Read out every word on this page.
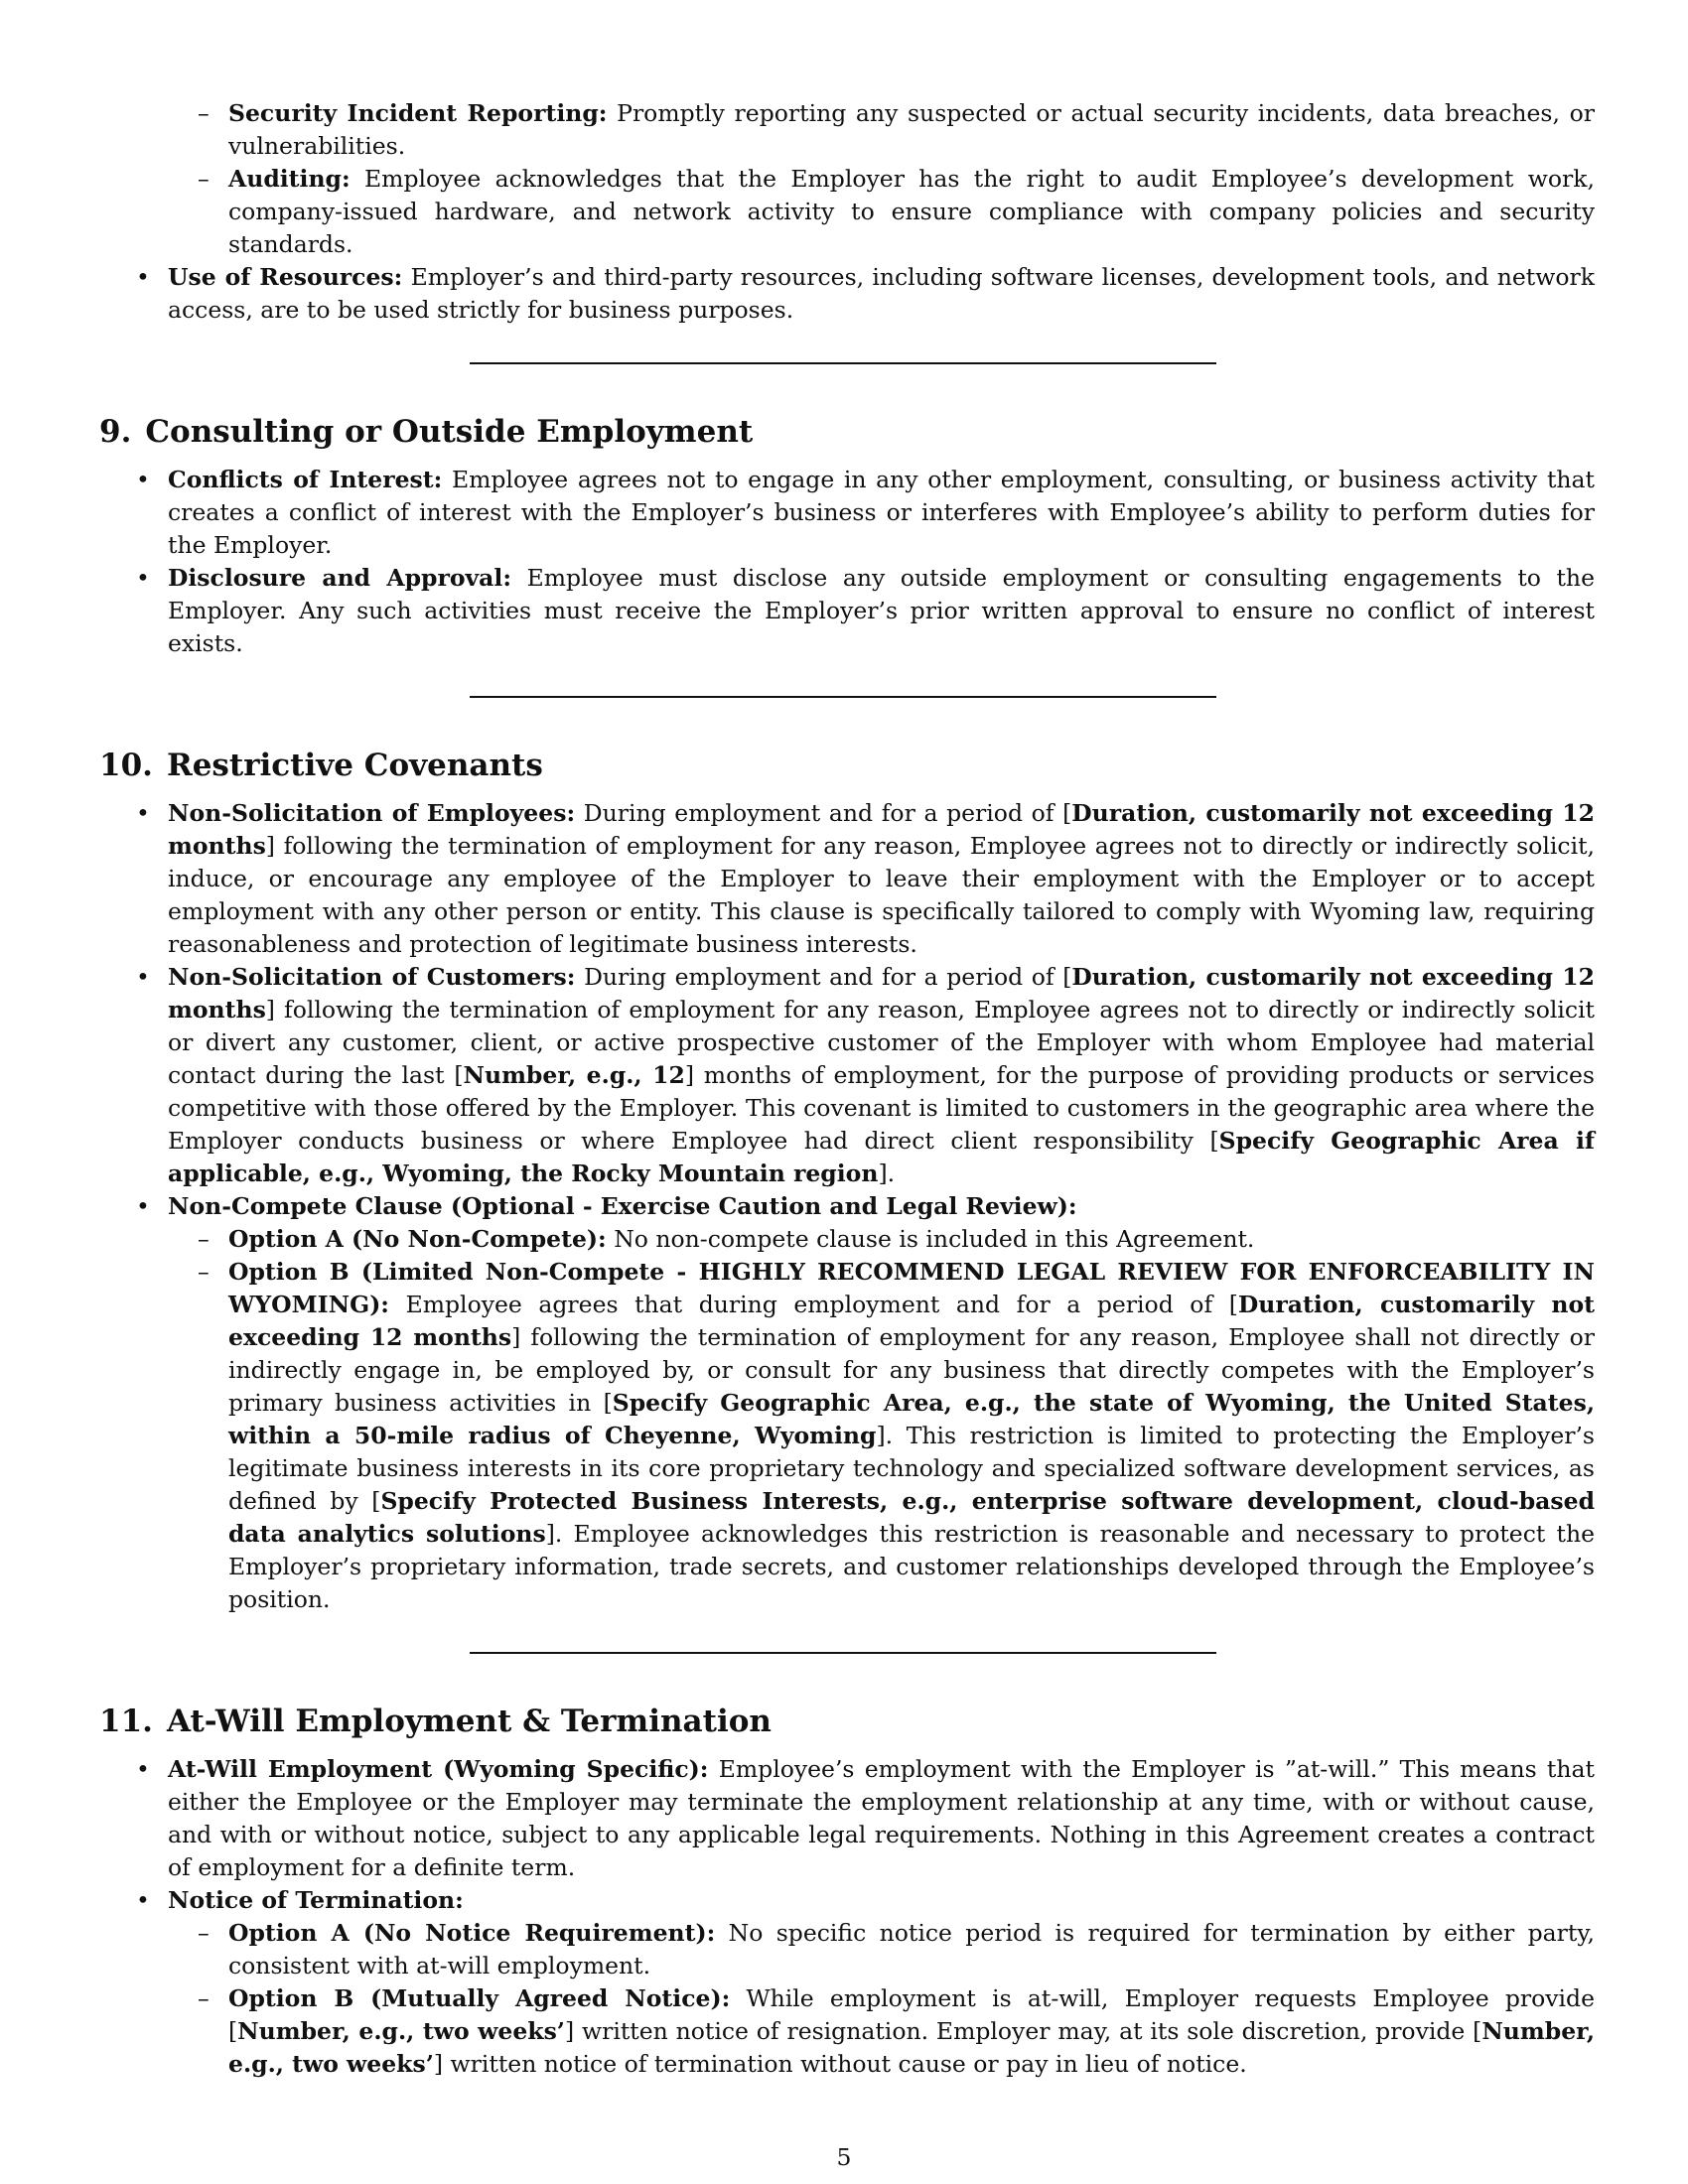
– Security Incident Reporting: Promptly reporting any suspected or actual security incidents, data breaches, or vulnerabilities.
– Auditing: Employee acknowledges that the Employer has the right to audit Employee’s development work, company-issued hardware, and network activity to ensure compliance with company policies and security standards.
• Use of Resources: Employer’s and third-party resources, including software licenses, development tools, and network access, are to be used strictly for business purposes.
9. Consulting or Outside Employment
• Conflicts of Interest: Employee agrees not to engage in any other employment, consulting, or business activity that creates a conflict of interest with the Employer’s business or interferes with Employee’s ability to perform duties for the Employer.
• Disclosure and Approval: Employee must disclose any outside employment or consulting engagements to the Employer. Any such activities must receive the Employer’s prior written approval to ensure no conflict of interest exists.
10. Restrictive Covenants
• Non-Solicitation of Employees: During employment and for a period of [Duration, customarily not exceeding 12 months] following the termination of employment for any reason, Employee agrees not to directly or indirectly solicit, induce, or encourage any employee of the Employer to leave their employment with the Employer or to accept employment with any other person or entity. This clause is specifically tailored to comply with Wyoming law, requiring reasonableness and protection of legitimate business interests.
• Non-Solicitation of Customers: During employment and for a period of [Duration, customarily not exceeding 12 months] following the termination of employment for any reason, Employee agrees not to directly or indirectly solicit or divert any customer, client, or active prospective customer of the Employer with whom Employee had material contact during the last [Number, e.g., 12] months of employment, for the purpose of providing products or services competitive with those offered by the Employer. This covenant is limited to customers in the geographic area where the Employer conducts business or where Employee had direct client responsibility [Specify Geographic Area if applicable, e.g., Wyoming, the Rocky Mountain region].
• Non-Compete Clause (Optional - Exercise Caution and Legal Review):
– Option A (No Non-Compete): No non-compete clause is included in this Agreement.
– Option B (Limited Non-Compete - HIGHLY RECOMMEND LEGAL REVIEW FOR ENFORCEABILITY IN WYOMING): Employee agrees that during employment and for a period of [Duration, customarily not exceeding 12 months] following the termination of employment for any reason, Employee shall not directly or indirectly engage in, be employed by, or consult for any business that directly competes with the Employer’s primary business activities in [Specify Geographic Area, e.g., the state of Wyoming, the United States, within a 50-mile radius of Cheyenne, Wyoming]. This restriction is limited to protecting the Employer’s legitimate business interests in its core proprietary technology and specialized software development services, as defined by [Specify Protected Business Interests, e.g., enterprise software development, cloud-based data analytics solutions]. Employee acknowledges this restriction is reasonable and necessary to protect the Employer’s proprietary information, trade secrets, and customer relationships developed through the Employee’s position.
11. At-Will Employment & Termination
• At-Will Employment (Wyoming Specific): Employee’s employment with the Employer is ”at-will.” This means that either the Employee or the Employer may terminate the employment relationship at any time, with or without cause, and with or without notice, subject to any applicable legal requirements. Nothing in this Agreement creates a contract of employment for a definite term.
• Notice of Termination:
– Option A (No Notice Requirement): No specific notice period is required for termination by either party, consistent with at-will employment.
– Option B (Mutually Agreed Notice): While employment is at-will, Employer requests Employee provide [Number, e.g., two weeks’] written notice of resignation. Employer may, at its sole discretion, provide [Number, e.g., two weeks’] written notice of termination without cause or pay in lieu of notice.
5
